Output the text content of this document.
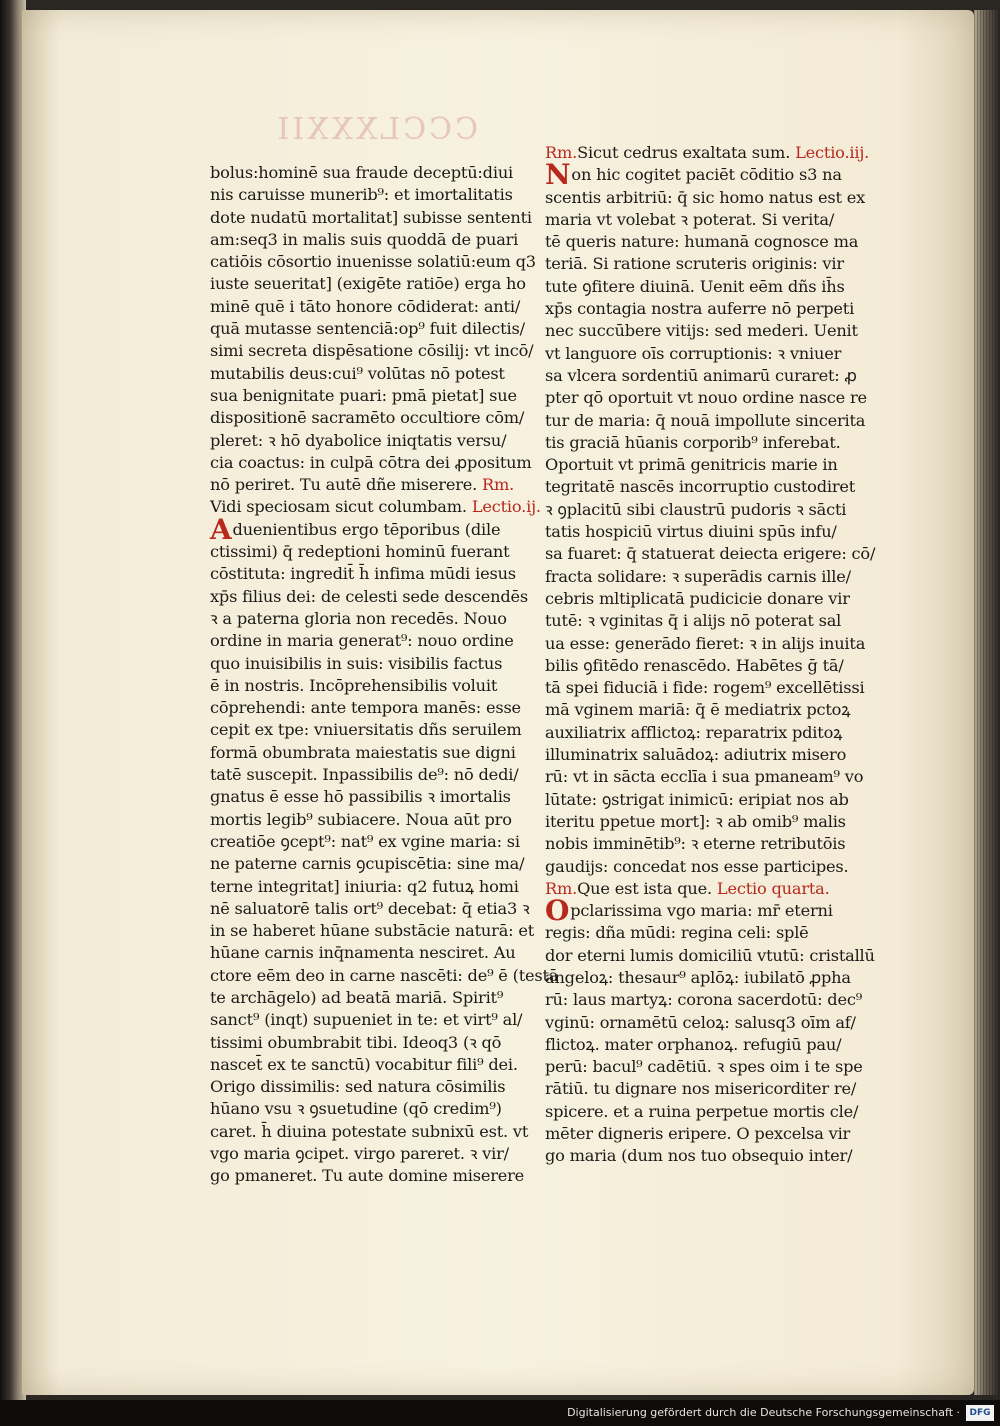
CCCLXXXII
bolus:hominē sua fraude deceptū:diui
nis caruisse munerib⁹: et imortalitatis
dote nudatū mortalitat] subisse sententi
am:seq3 in malis suis quoddā de puari
catiōis cōsortio inuenisse solatiū:eum q3
iuste seueritat] (exigēte ratiōe) erga ho
minē quē i tāto honore cōdiderat: anti/
quā mutasse sentenciā:op⁹ fuit dilectis/
simi secreta dispēsatione cōsilij: vt incō/
mutabilis deus:cui⁹ volūtas nō potest
sua benignitate puari: pmā pietat] sue
dispositionē sacramēto occultiore cōm/
pleret: ꝛ hō dyabolice iniqtatis versu/
cia coactus: in culpā cōtra dei ꝓpositum
nō periret. Tu autē dñe miserere. Rm.
Vidi speciosam sicut columbam. Lectio.ij.
Aduenientibus ergo tēporibus (dile
ctissimi) q̄ redeptioni hominū fuerant
cōstituta: ingredit̄ h̄ infima mūdi iesus
xp̄s filius dei: de celesti sede descendēs
ꝛ a paterna gloria non recedēs. Nouo
ordine in maria generat⁹: nouo ordine
quo inuisibilis in suis: visibilis factus
ē in nostris. Incōprehensibilis voluit
cōprehendi: ante tempora manēs: esse
cepit ex tpe: vniuersitatis dñs seruilem
formā obumbrata maiestatis sue digni
tatē suscepit. Inpassibilis de⁹: nō dedi/
gnatus ē esse hō passibilis ꝛ imortalis
mortis legib⁹ subiacere. Noua aūt pro
creatiōe ꝯcept⁹: nat⁹ ex vgine maria: si
ne paterne carnis ꝯcupiscētia: sine ma/
terne integritat] iniuria: q2 futuꝝ homi
nē saluatorē talis ort⁹ decebat: q̄ etia3 ꝛ
in se haberet hūane substācie naturā: et
hūane carnis inq̄namenta nesciret. Au
ctore eēm deo in carne nascēti: de⁹ ē (testā
te archāgelo) ad beatā mariā. Spirit⁹
sanct⁹ (inqt) supueniet in te: et virt⁹ al/
tissimi obumbrabit tibi. Ideoq3 (ꝛ qō
nascet̄ ex te sanctū) vocabitur fili⁹ dei.
Origo dissimilis: sed natura cōsimilis
hūano vsu ꝛ ꝯsuetudine (qō credim⁹)
caret. h̄ diuina potestate subnixū est. vt
vgo maria ꝯcipet. virgo pareret. ꝛ vir/
go pmaneret. Tu aute domine miserere
Rm.Sicut cedrus exaltata sum. Lectio.iij.
Non hic cogitet paciēt cōditio s3 na
scentis arbitriū: q̄ sic homo natus est ex
maria vt volebat ꝛ poterat. Si verita/
tē queris nature: humanā cognosce ma
teriā. Si ratione scruteris originis: vir
tute ꝯfitere diuinā. Uenit eēm dñs ih̄s
xp̄s contagia nostra auferre nō perpeti
nec succūbere vitijs: sed mederi. Uenit
vt languore oīs corruptionis: ꝛ vniuer
sa vlcera sordentiū animarū curaret: ꝓ
pter qō oportuit vt nouo ordine nasce re
tur de maria: q̄ nouā impollute sincerita
tis graciā hūanis corporib⁹ inferebat.
Oportuit vt primā genitricis marie in
tegritatē nascēs incorruptio custodiret
ꝛ ꝯplacitū sibi claustrū pudoris ꝛ sācti
tatis hospiciū virtus diuini spūs infu/
sa fuaret: q̄ statuerat deiecta erigere: cō/
fracta solidare: ꝛ superādis carnis ille/
cebris mltiplicatā pudicicie donare vir
tutē: ꝛ vginitas q̄ i alijs nō poterat sal
ua esse: generādo fieret: ꝛ in alijs inuita
bilis ꝯfitēdo renascēdo. Habētes ḡ tā/
tā spei fiduciā i fide: rogem⁹ excellētissi
mā vginem mariā: q̄ ē mediatrix pctoꝝ
auxiliatrix afflictoꝝ: reparatrix pditoꝝ
illuminatrix saluādoꝝ: adiutrix misero
rū: vt in sācta ecclīa i sua pmaneam⁹ vo
lūtate: ꝯstrigat inimicū: eripiat nos ab
iteritu ppetue mort]: ꝛ ab omib⁹ malis
nobis imminētib⁹: ꝛ eterne retributōis
gaudijs: concedat nos esse participes.
Rm.Que est ista que. Lectio quarta.
Opclarissima vgo maria: mr̄ eterni
regis: dñа mūdi: regina celi: splē
dor eterni lumis domiciliū vtutū: cristallū
angeloꝝ: thesaur⁹ aplōꝝ: iubilatō ꝓpha
rū: laus martyꝝ: corona sacerdotū: dec⁹
vginū: ornamētū celoꝝ: salusq3 oīm af/
flictoꝝ. mater orphanoꝝ. refugiū pau/
perū: bacul⁹ cadētiū. ꝛ spes oim i te spe
rātiū. tu dignare nos misericorditer re/
spicere. et a ruina perpetue mortis cle/
mēter digneris eripere. O pexcelsa vir
go maria (dum nos tuo obsequio inter/
Digitalisierung gefördert durch die Deutsche Forschungsgemeinschaft ·	DFG
